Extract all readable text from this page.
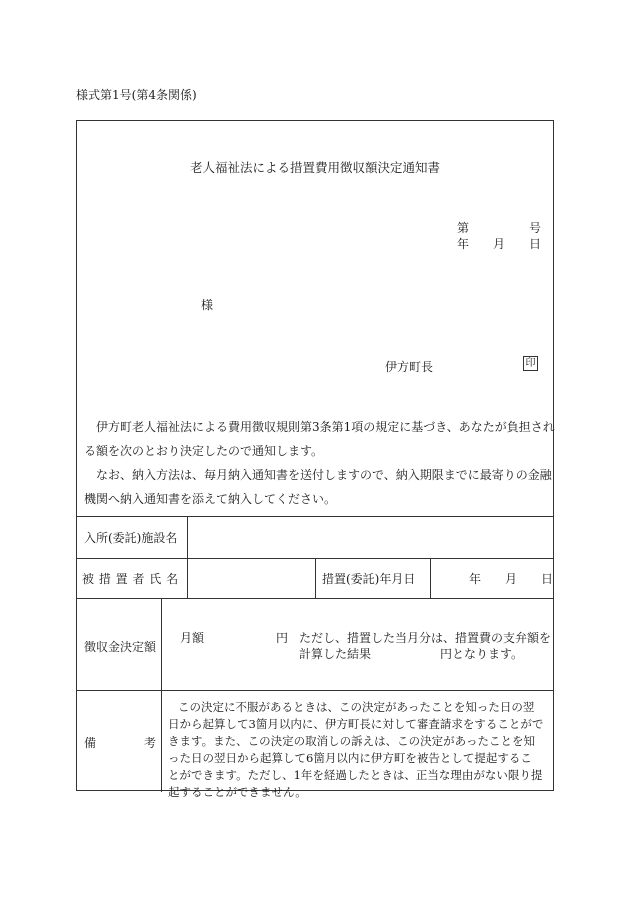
様式第1号(第4条関係)
老人福祉法による措置費用徴収額決定通知書
第	号
年 月 日
様
伊方町長	印
伊方町老人福祉法による費用徴収規則第3条第1項の規定に基づき、あなたが負担され
る額を次のとおり決定したので通知します。
なお、納入方法は、毎月納入通知書を送付しますので、納入期限までに最寄りの金融
機関へ納入通知書を添えて納入してください。
入所(委託)施設名
被 措 置 者 氏 名	措置(委託)年月日	年 月 日
徴収金決定額
月額	円 ただし、措置した当月分は、措置費の支弁額を
計算した結果	円となります。
備	考
この決定に不服があるときは、この決定があったことを知った日の翌
日から起算して3箇月以内に、伊方町長に対して審査請求をすることがで
きます。また、この決定の取消しの訴えは、この決定があったことを知
った日の翌日から起算して6箇月以内に伊方町を被告として提起するこ
とができます。ただし、1年を経過したときは、正当な理由がない限り提
起することができません。
